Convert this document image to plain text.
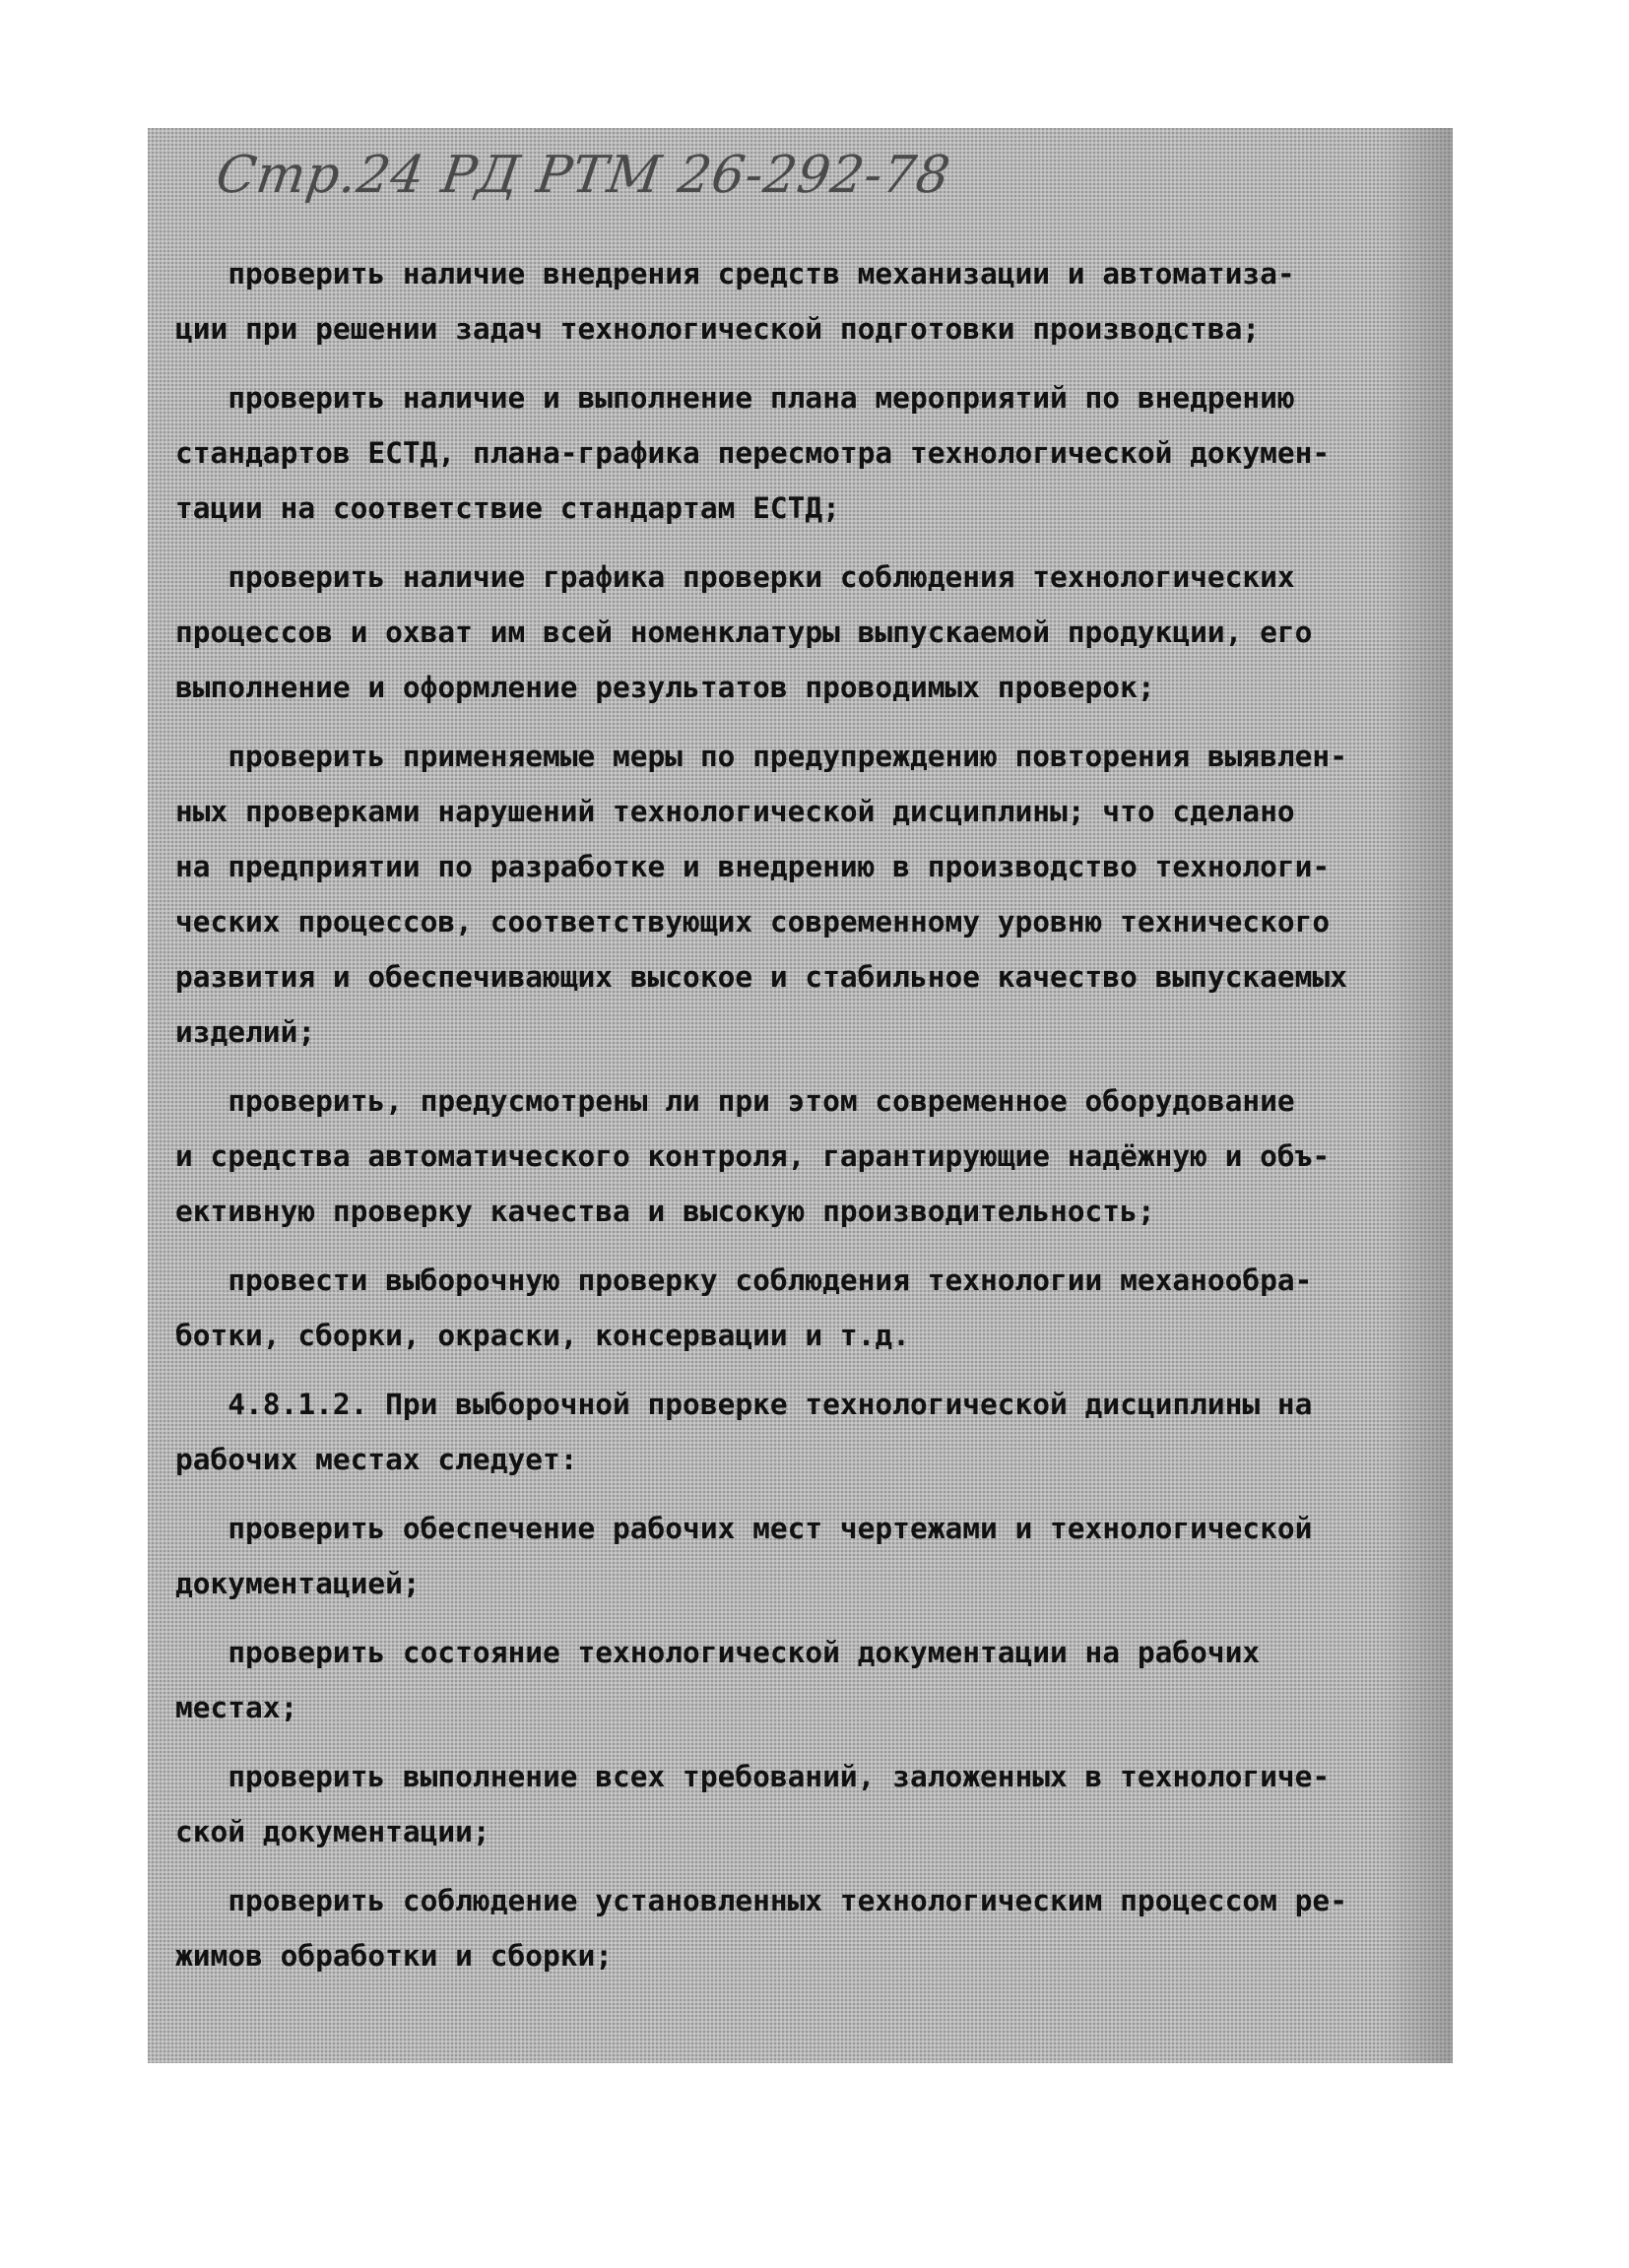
Стр.24 РД РТМ 26-292-78
проверить наличие внедрения средств механизации и автоматиза-
ции при решении задач технологической подготовки производства;
проверить наличие и выполнение плана мероприятий по внедрению
стандартов ЕСТД, плана-графика пересмотра технологической докумен-
тации на соответствие стандартам ЕСТД;
проверить наличие графика проверки соблюдения технологических
процессов и охват им всей номенклатуры выпускаемой продукции, его
выполнение и оформление результатов проводимых проверок;
проверить применяемые меры по предупреждению повторения выявлен-
ных проверками нарушений технологической дисциплины; что сделано
на предприятии по разработке и внедрению в производство технологи-
ческих процессов, соответствующих современному уровню технического
развития и обеспечивающих высокое и стабильное качество выпускаемых
изделий;
проверить, предусмотрены ли при этом современное оборудование
и средства автоматического контроля, гарантирующие надёжную и объ-
ективную проверку качества и высокую производительность;
провести выборочную проверку соблюдения технологии механообра-
ботки, сборки, окраски, консервации и т.д.
4.8.1.2. При выборочной проверке технологической дисциплины на
рабочих местах следует:
проверить обеспечение рабочих мест чертежами и технологической
документацией;
проверить состояние технологической документации на рабочих
местах;
проверить выполнение всех требований, заложенных в технологиче-
ской документации;
проверить соблюдение установленных технологическим процессом ре-
жимов обработки и сборки;
